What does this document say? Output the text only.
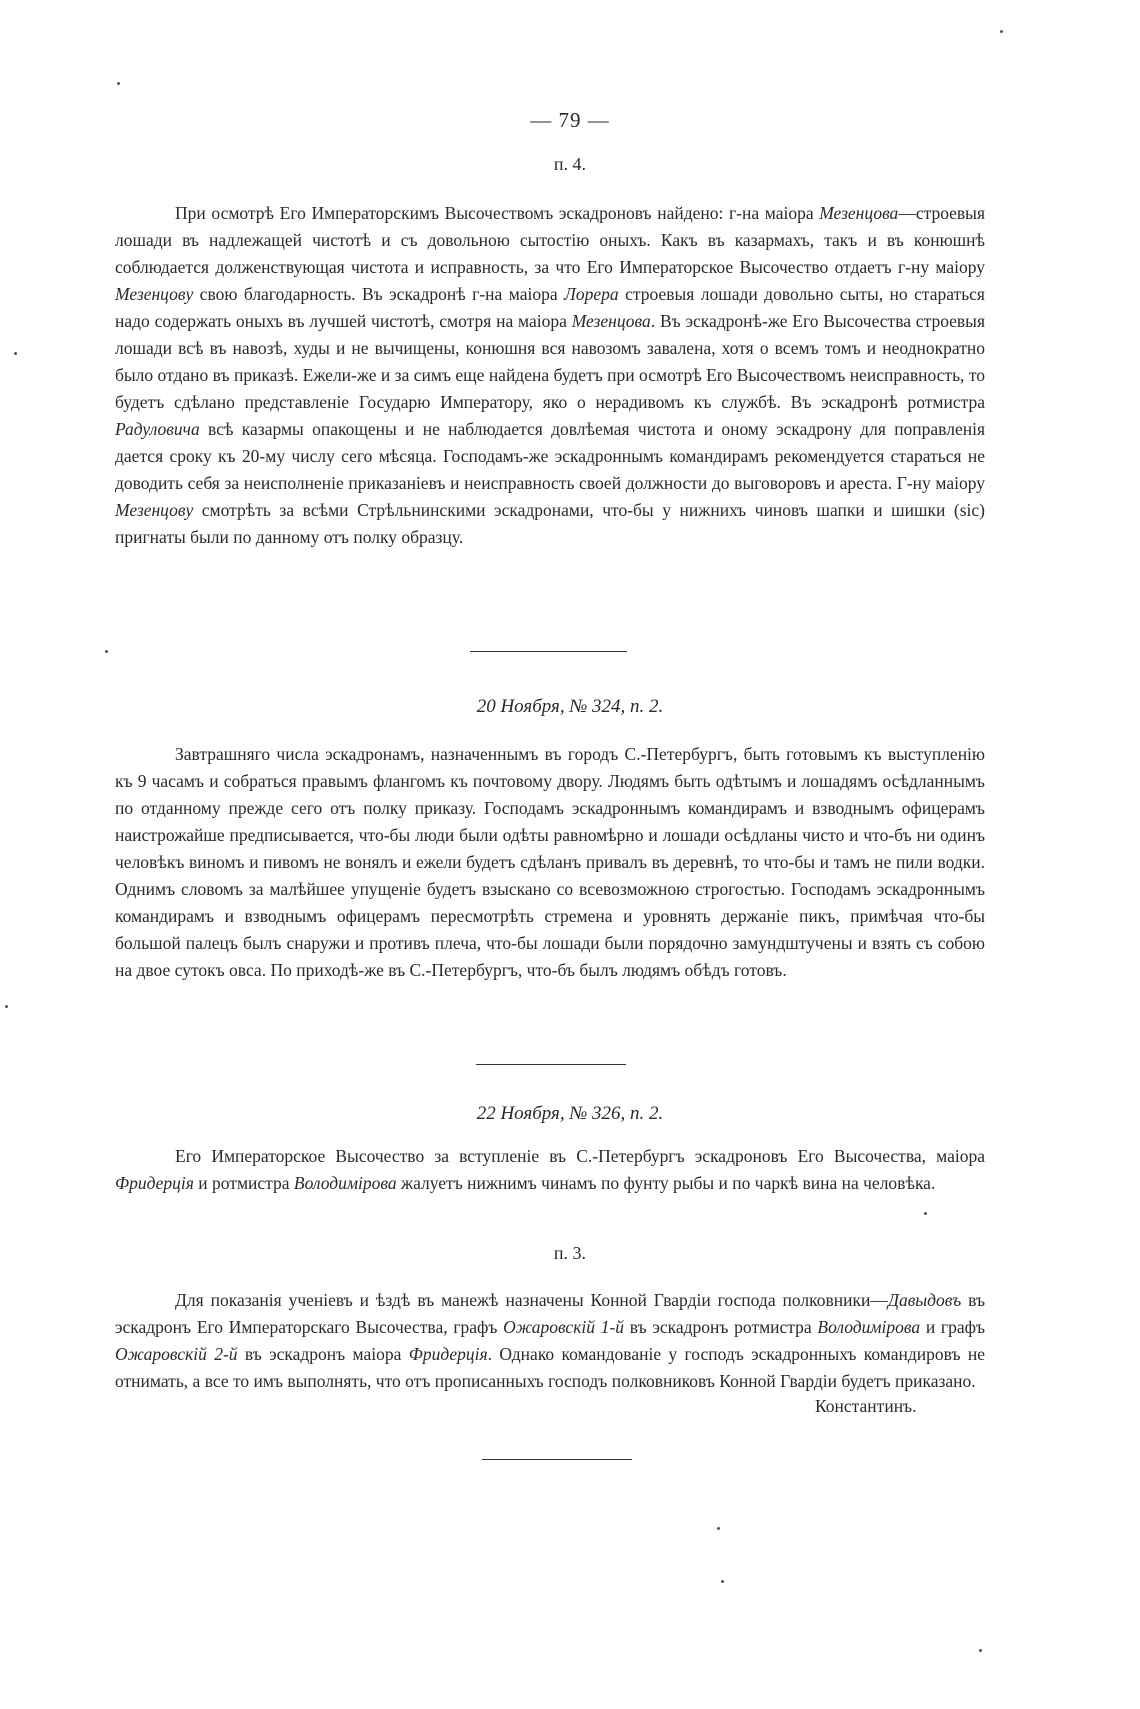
— 79 —
п. 4.

При осмотрѣ Его Императорскимъ Высочествомъ эскадроновъ найдено: г-на маіора Мезенцова—строевыя лошади въ надлежащей чистотѣ и съ довольною сытостію оныхъ. Какъ въ казармахъ, такъ и въ конюшнѣ соблюдается долженствующая чистота и исправность, за что Его Императорское Высочество отдаетъ г-ну маіору Мезенцову свою благодарность. Въ эскадронѣ г-на маіора Лорера строевыя лошади довольно сыты, но стараться надо содержать оныхъ въ лучшей чистотѣ, смотря на маіора Мезенцова. Въ эскадронѣ-же Его Высочества строевыя лошади всѣ въ навозѣ, худы и не вычищены, конюшня вся навозомъ завалена, хотя о всемъ томъ и неоднократно было отдано въ приказѣ. Ежели-же и за симъ еще найдена будетъ при осмотрѣ Его Высочествомъ неисправность, то будетъ сдѣлано представленіе Государю Императору, яко о нерадивомъ къ службѣ. Въ эскадронѣ ротмистра Радуловича всѣ казармы опакощены и не наблюдается довлѣемая чистота и оному эскадрону для поправленія дается сроку къ 20-му числу сего мѣсяца. Господамъ-же эскадроннымъ командирамъ рекомендуется стараться не доводить себя за неисполненіе приказаніевъ и неисправность своей должности до выговоровъ и ареста. Г-ну маіору Мезенцову смотрѣть за всѣми Стрѣльнинскими эскадронами, что-бы у нижнихъ чиновъ шапки и шишки (sic) пригнаты были по данному отъ полку образцу.

20 Ноября, № 324, п. 2.

Завтрашняго числа эскадронамъ, назначеннымъ въ городъ С.-Петербургъ, быть готовымъ къ выступленію къ 9 часамъ и собраться правымъ флангомъ къ почтовому двору. Людямъ быть одѣтымъ и лошадямъ осѣдланнымъ по отданному прежде сего отъ полку приказу. Господамъ эскадроннымъ командирамъ и взводнымъ офицерамъ наистрожайше предписывается, что-бы люди были одѣты равномѣрно и лошади осѣдланы чисто и что-бъ ни одинъ человѣкъ виномъ и пивомъ не вонялъ и ежели будетъ сдѣланъ привалъ въ деревнѣ, то что-бы и тамъ не пили водки. Однимъ словомъ за малѣйшее упущеніе будетъ взыскано со всевозможною строгостью. Господамъ эскадроннымъ командирамъ и взводнымъ офицерамъ пересмотрѣть стремена и уровнять держаніе пикъ, примѣчая что-бы большой палецъ былъ снаружи и противъ плеча, что-бы лошади были порядочно замундштучены и взять съ собою на двое сутокъ овса. По приходѣ-же въ С.-Петербургъ, что-бъ былъ людямъ обѣдъ готовъ.

22 Ноября, № 326, п. 2.

Его Императорское Высочество за вступленіе въ С.-Петербургъ эскадроновъ Его Высочества, маіора Фридерція и ротмистра Володимірова жалуетъ нижнимъ чинамъ по фунту рыбы и по чаркѣ вина на человѣка.

п. 3.

Для показанія ученіевъ и ѣздѣ въ манежѣ назначены Конной Гвардіи господа полковники—Давыдовъ въ эскадронъ Его Императорскаго Высочества, графъ Ожаровскій 1-й въ эскадронъ ротмистра Володимірова и графъ Ожаровскій 2-й въ эскадронъ маіора Фридерція. Однако командованіе у господъ эскадронныхъ командировъ не отнимать, а все то имъ выполнять, что отъ прописанныхъ господъ полковниковъ Конной Гвардіи будетъ приказано.

Константинъ.
